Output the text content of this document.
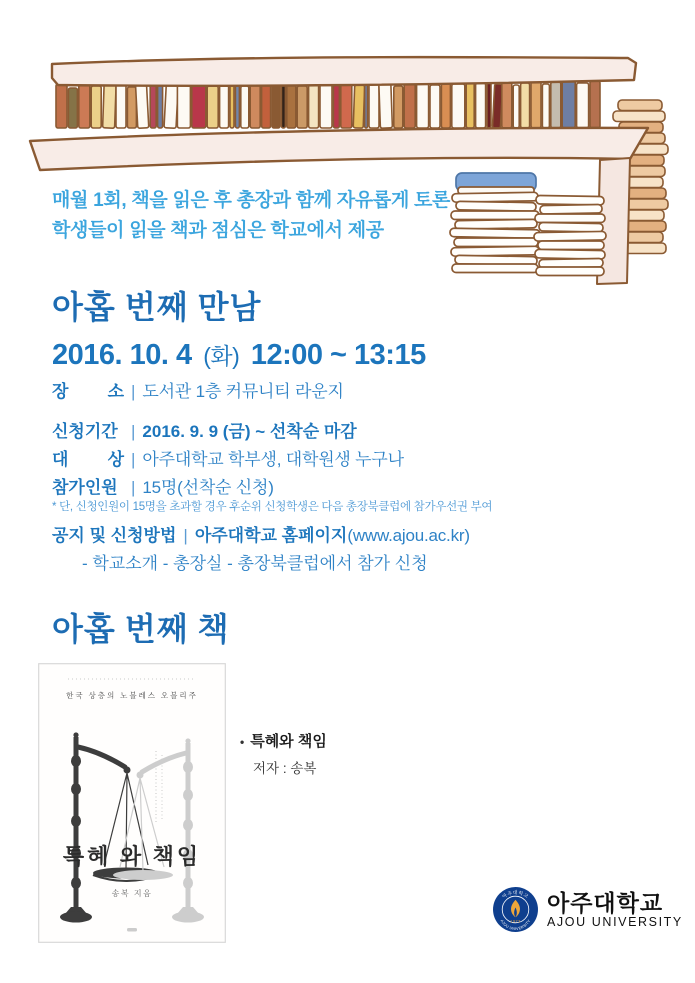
매월 1회, 책을 읽은 후 총장과 함께 자유롭게 토론
학생들이 읽을 책과 점심은 학교에서 제공
아홉 번째 만남
2016. 10. 4 (화) 12:00 ~ 13:15
장 소 | 도서관 1층 커뮤니티 라운지
신청기간 | 2016. 9. 9 (금) ~ 선착순 마감
대 상 | 아주대학교 학부생, 대학원생 누구나
참가인원 | 15명(선착순 신청)
* 단, 신청인원이 15명을 초과할 경우 후순위 신청학생은 다음 총장북클럽에 참가우선권 부여
공지 및 신청방법 | 아주대학교 홈페이지(www.ajou.ac.kr)
- 학교소개 - 총장실 - 총장북클럽에서 참가 신청
아홉 번째 책
한국 상층의 노블레스 오블리주
특혜 와 책임
송복 지음
• 특혜와 책임
저자 : 송복
아주대학교
AJOU UNIVERSITY
1973
아주대학교
AJOU UNIVERSITY
